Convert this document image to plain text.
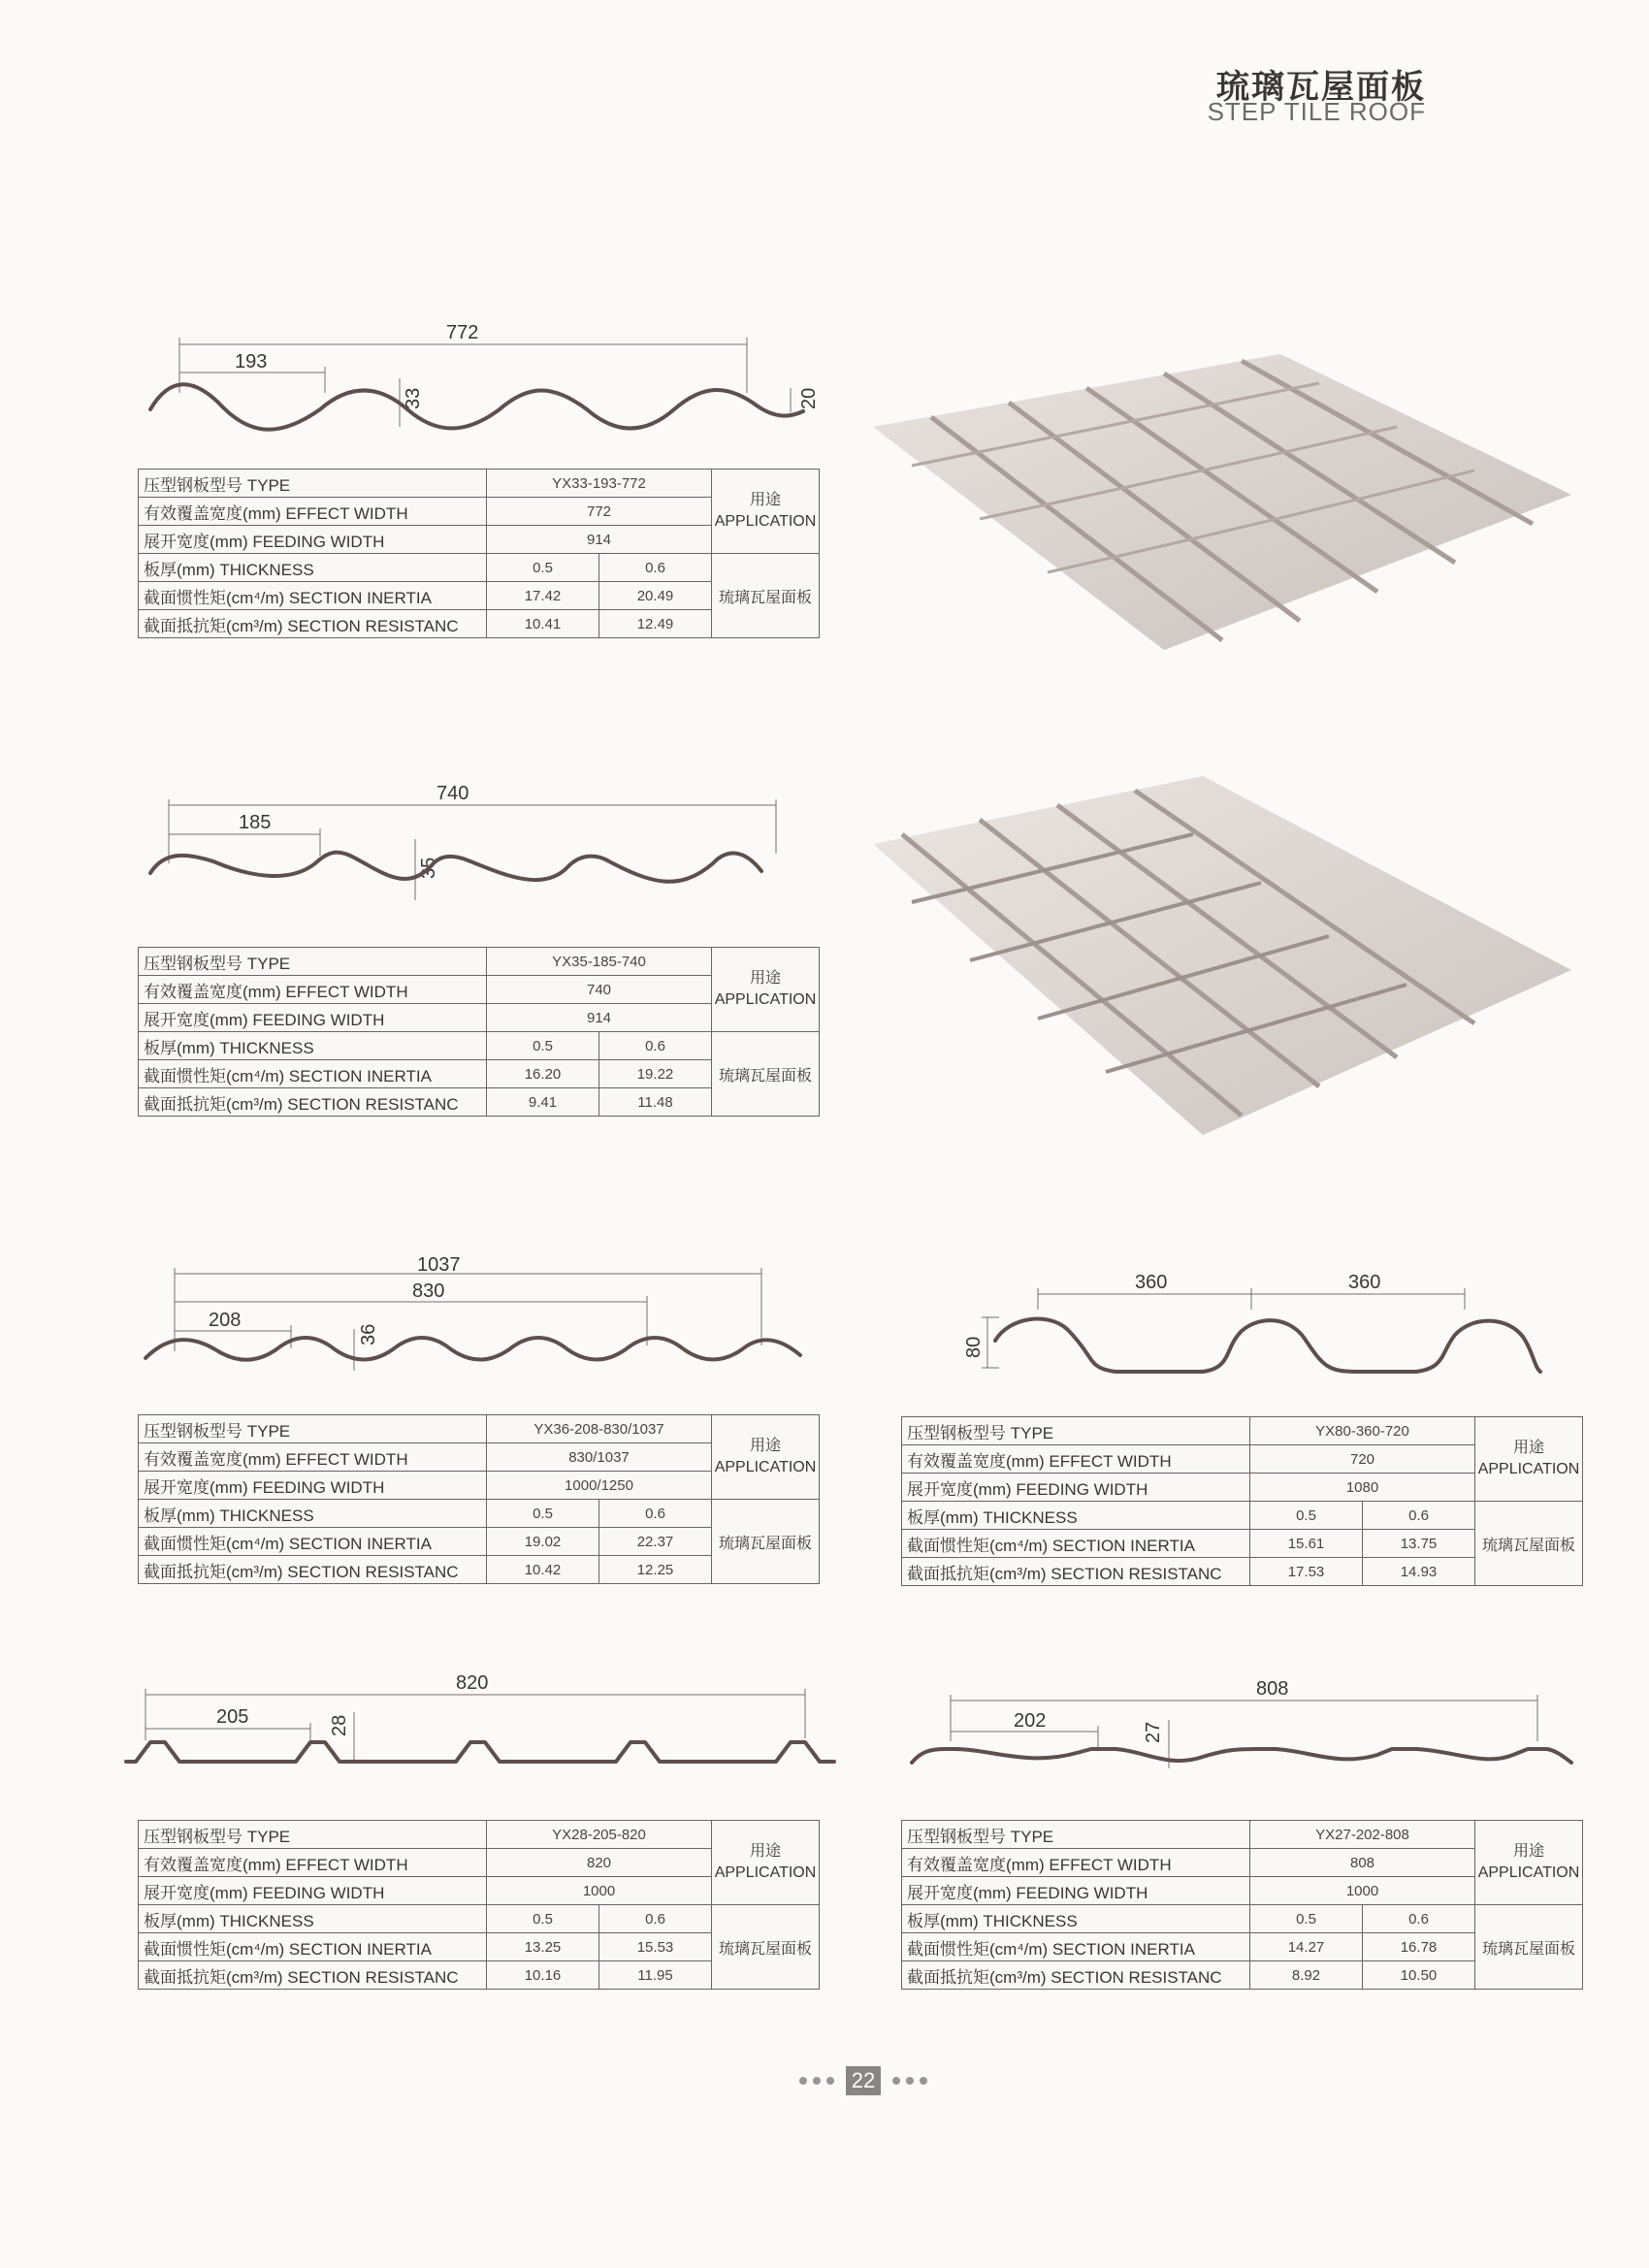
琉璃瓦屋面板
STEP TILE ROOF
772
193
33	20
压型钢板型号 TYPE	YX33-193-772		用途
APPLICATION
有效覆盖宽度(mm) EFFECT WIDTH	772		
展开宽度(mm) FEEDING WIDTH	914		
板厚(mm) THICKNESS	0.5	0.6	琉璃瓦屋面板
截面惯性矩(cm⁴/m) SECTION INERTIA	17.42	20.49	
截面抵抗矩(cm³/m) SECTION RESISTANC	10.41	12.49	
740
185
35
压型钢板型号 TYPE	YX35-185-740		用途
APPLICATION
有效覆盖宽度(mm) EFFECT WIDTH	740		
展开宽度(mm) FEEDING WIDTH	914		
板厚(mm) THICKNESS	0.5	0.6	琉璃瓦屋面板
截面惯性矩(cm⁴/m) SECTION INERTIA	16.20	19.22	
截面抵抗矩(cm³/m) SECTION RESISTANC	9.41	11.48	
1037
830
208
36
压型钢板型号 TYPE	YX36-208-830/1037		用途
APPLICATION
有效覆盖宽度(mm) EFFECT WIDTH	830/1037		
展开宽度(mm) FEEDING WIDTH	1000/1250		
板厚(mm) THICKNESS	0.5	0.6	琉璃瓦屋面板
截面惯性矩(cm⁴/m) SECTION INERTIA	19.02	22.37	
截面抵抗矩(cm³/m) SECTION RESISTANC	10.42	12.25	
360	360
80
压型钢板型号 TYPE	YX80-360-720		用途
APPLICATION
有效覆盖宽度(mm) EFFECT WIDTH	720		
展开宽度(mm) FEEDING WIDTH	1080		
板厚(mm) THICKNESS	0.5	0.6	琉璃瓦屋面板
截面惯性矩(cm⁴/m) SECTION INERTIA	15.61	13.75	
截面抵抗矩(cm³/m) SECTION RESISTANC	17.53	14.93	
820
205	28
压型钢板型号 TYPE	YX28-205-820		用途
APPLICATION
有效覆盖宽度(mm) EFFECT WIDTH	820		
展开宽度(mm) FEEDING WIDTH	1000		
板厚(mm) THICKNESS	0.5	0.6	琉璃瓦屋面板
截面惯性矩(cm⁴/m) SECTION INERTIA	13.25	15.53	
截面抵抗矩(cm³/m) SECTION RESISTANC	10.16	11.95	
808
202
27
压型钢板型号 TYPE	YX27-202-808		用途
APPLICATION
有效覆盖宽度(mm) EFFECT WIDTH	808		
展开宽度(mm) FEEDING WIDTH	1000		
板厚(mm) THICKNESS	0.5	0.6	琉璃瓦屋面板
截面惯性矩(cm⁴/m) SECTION INERTIA	14.27	16.78	
截面抵抗矩(cm³/m) SECTION RESISTANC	8.92	10.50	
22
